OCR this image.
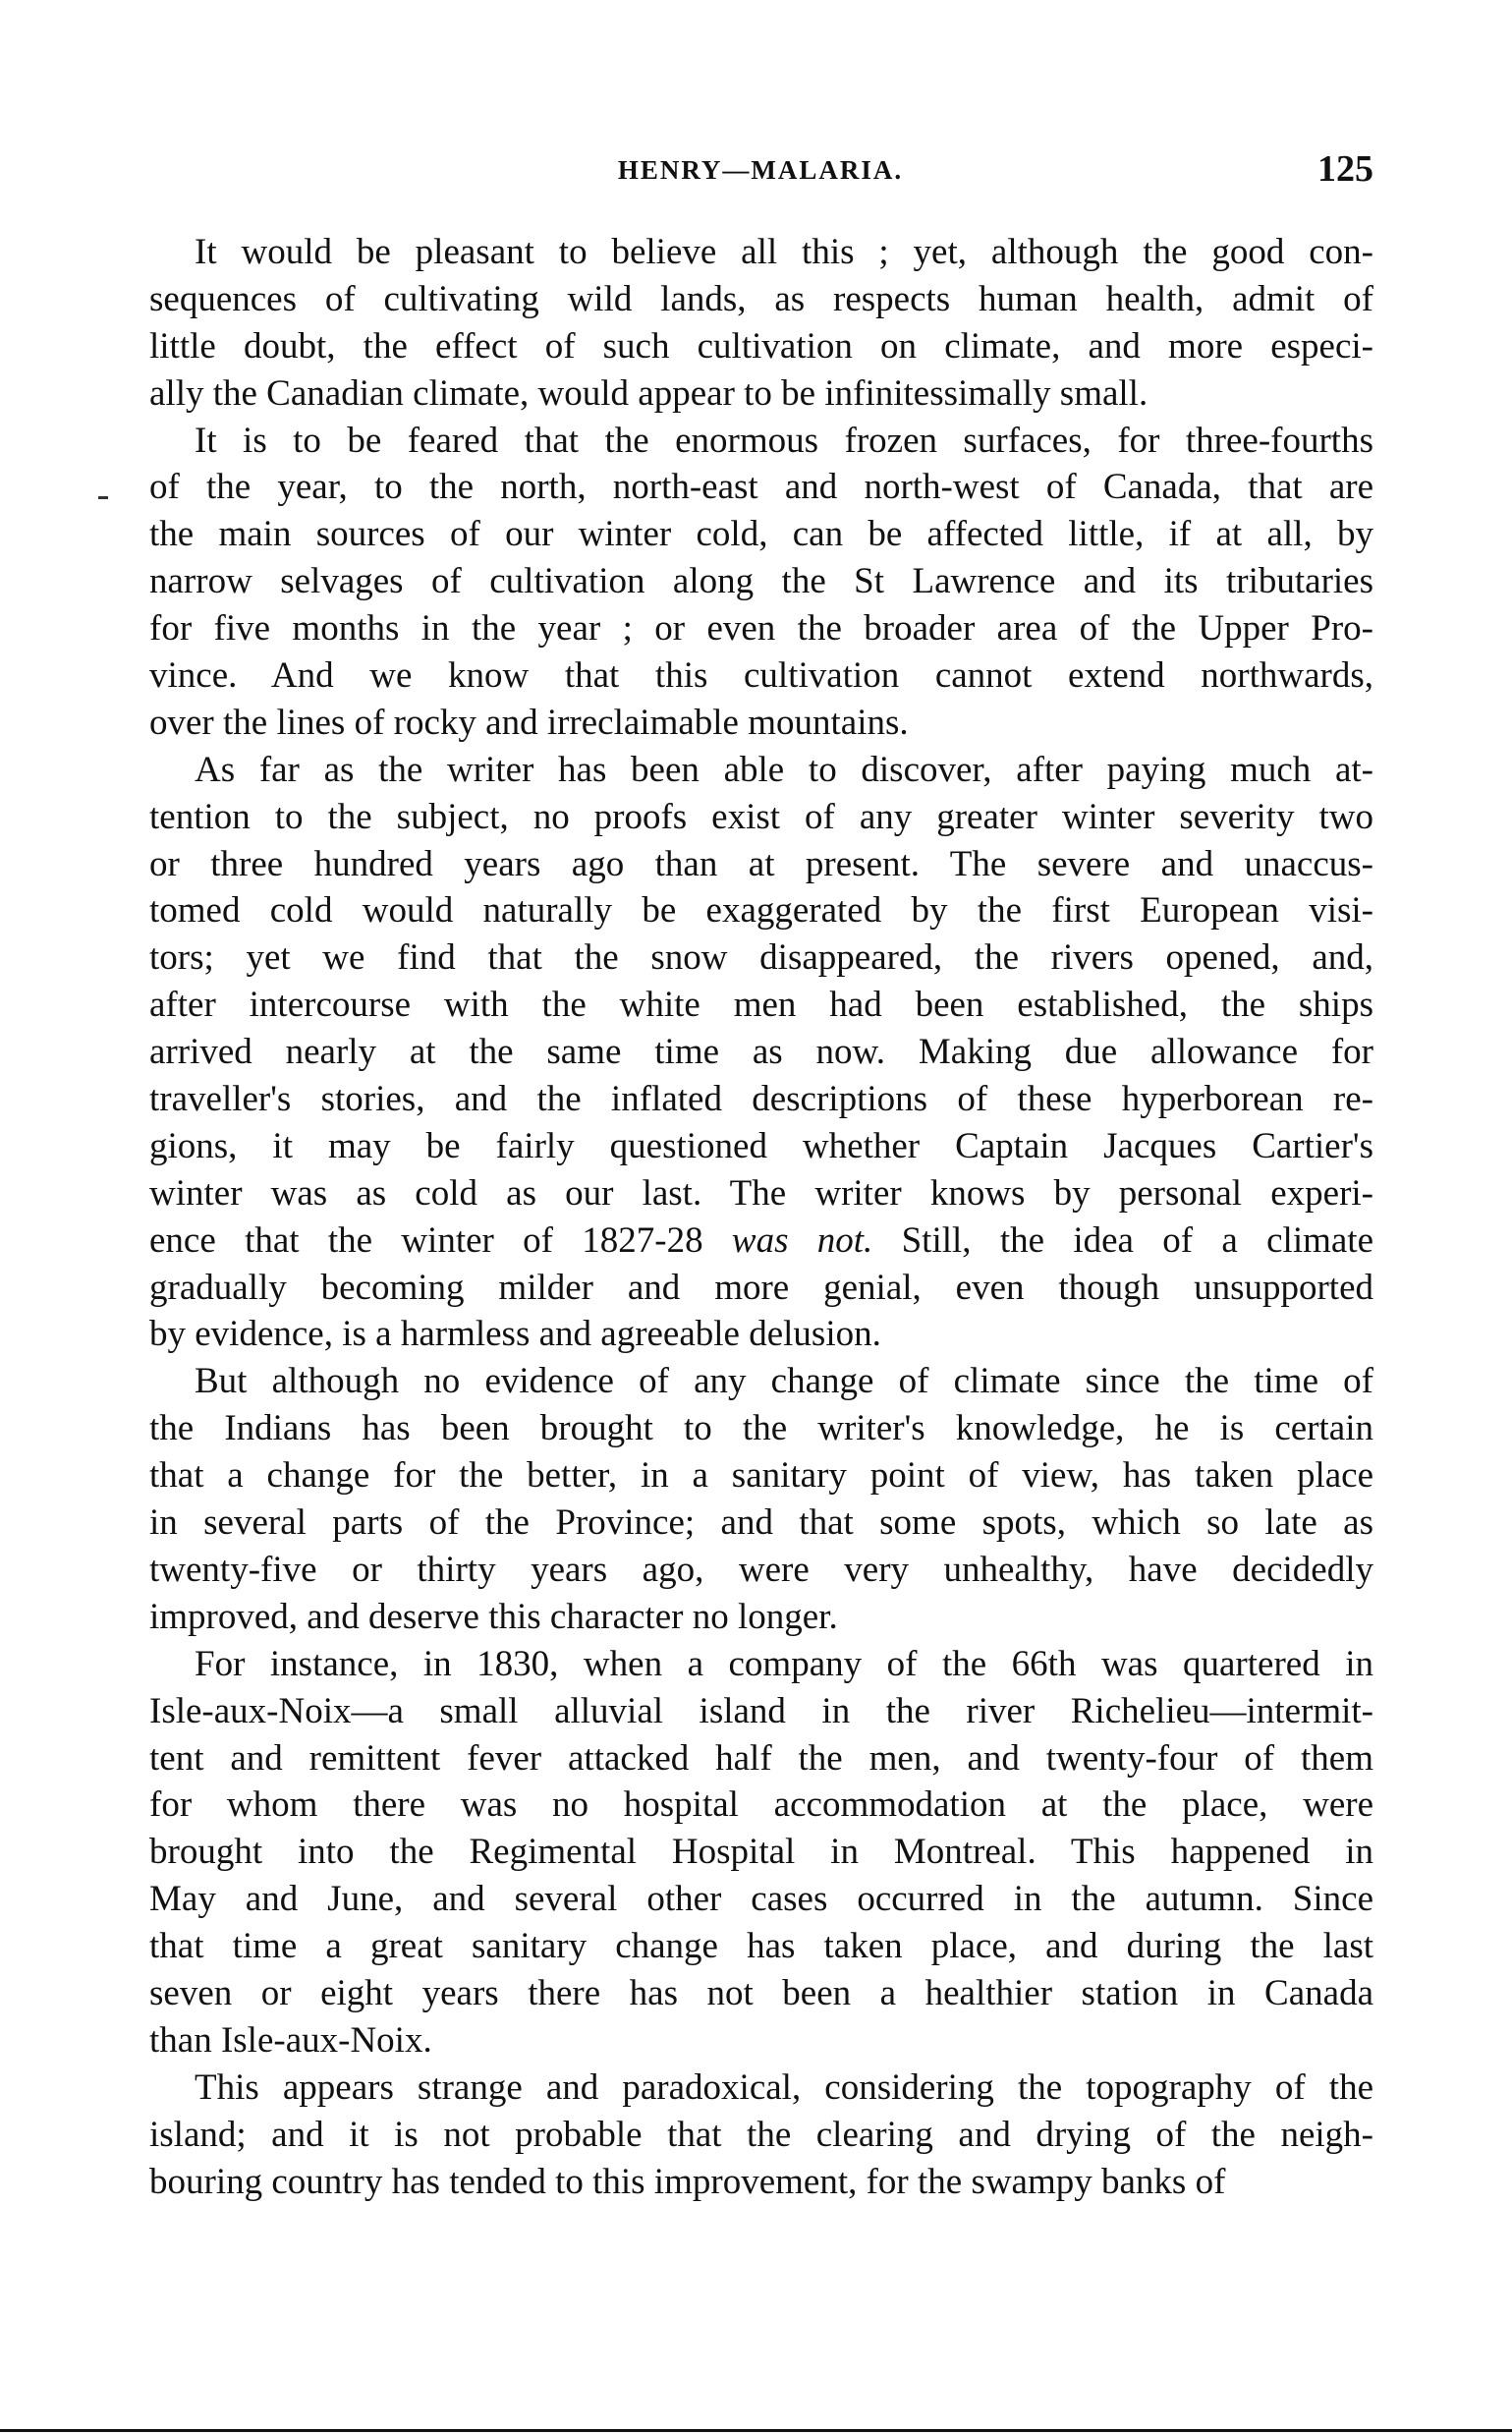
HENRY—MALARIA.	125
It would be pleasant to believe all this ; yet, although the good con-
sequences of cultivating wild lands, as respects human health, admit of
little doubt, the effect of such cultivation on climate, and more especi-
ally the Canadian climate, would appear to be infinitessimally small.
It is to be feared that the enormous frozen surfaces, for three-fourths
of the year, to the north, north-east and north-west of Canada, that are
the main sources of our winter cold, can be affected little, if at all, by
narrow selvages of cultivation along the St Lawrence and its tributaries
for five months in the year ; or even the broader area of the Upper Pro-
vince. And we know that this cultivation cannot extend northwards,
over the lines of rocky and irreclaimable mountains.
As far as the writer has been able to discover, after paying much at-
tention to the subject, no proofs exist of any greater winter severity two
or three hundred years ago than at present. The severe and unaccus-
tomed cold would naturally be exaggerated by the first European visi-
tors; yet we find that the snow disappeared, the rivers opened, and,
after intercourse with the white men had been established, the ships
arrived nearly at the same time as now. Making due allowance for
traveller's stories, and the inflated descriptions of these hyperborean re-
gions, it may be fairly questioned whether Captain Jacques Cartier's
winter was as cold as our last. The writer knows by personal experi-
ence that the winter of 1827-28 was not. Still, the idea of a climate
gradually becoming milder and more genial, even though unsupported
by evidence, is a harmless and agreeable delusion.
But although no evidence of any change of climate since the time of
the Indians has been brought to the writer's knowledge, he is certain
that a change for the better, in a sanitary point of view, has taken place
in several parts of the Province; and that some spots, which so late as
twenty-five or thirty years ago, were very unhealthy, have decidedly
improved, and deserve this character no longer.
For instance, in 1830, when a company of the 66th was quartered in
Isle-aux-Noix—a small alluvial island in the river Richelieu—intermit-
tent and remittent fever attacked half the men, and twenty-four of them
for whom there was no hospital accommodation at the place, were
brought into the Regimental Hospital in Montreal. This happened in
May and June, and several other cases occurred in the autumn. Since
that time a great sanitary change has taken place, and during the last
seven or eight years there has not been a healthier station in Canada
than Isle-aux-Noix.
This appears strange and paradoxical, considering the topography of the
island; and it is not probable that the clearing and drying of the neigh-
bouring country has tended to this improvement, for the swampy banks of
